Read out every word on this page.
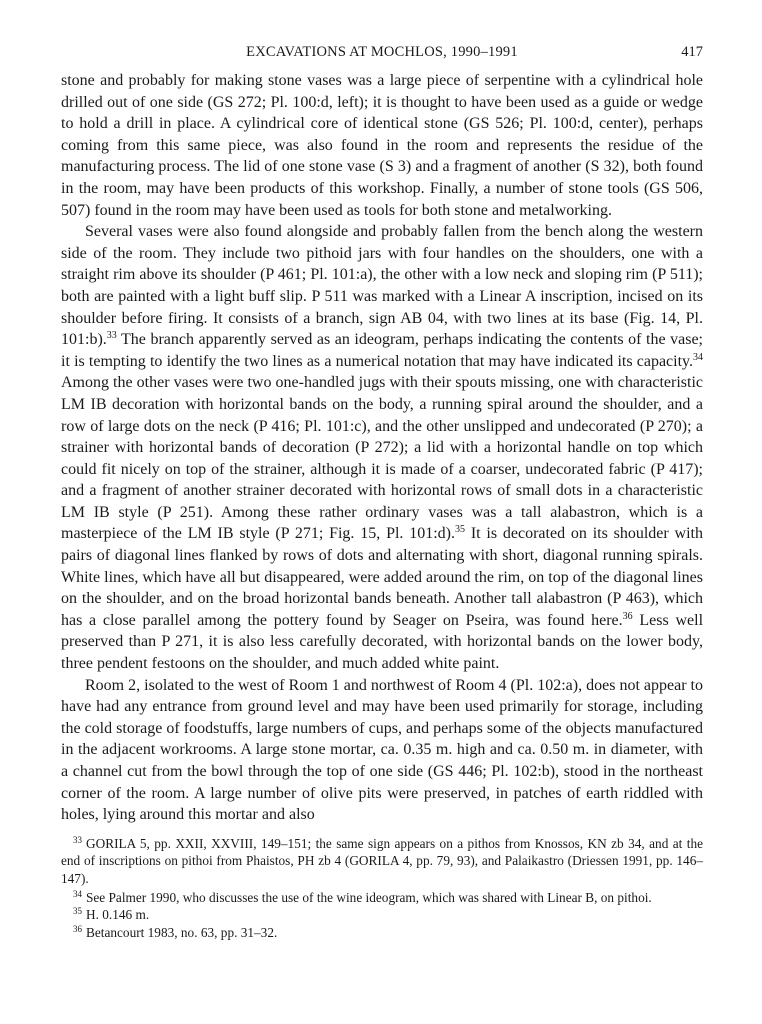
EXCAVATIONS AT MOCHLOS, 1990–1991	417

stone and probably for making stone vases was a large piece of serpentine with a cylindrical hole drilled out of one side (GS 272; Pl. 100:d, left); it is thought to have been used as a guide or wedge to hold a drill in place. A cylindrical core of identical stone (GS 526; Pl. 100:d, center), perhaps coming from this same piece, was also found in the room and represents the residue of the manufacturing process. The lid of one stone vase (S 3) and a fragment of another (S 32), both found in the room, may have been products of this workshop. Finally, a number of stone tools (GS 506, 507) found in the room may have been used as tools for both stone and metalworking.

Several vases were also found alongside and probably fallen from the bench along the western side of the room. They include two pithoid jars with four handles on the shoulders, one with a straight rim above its shoulder (P 461; Pl. 101:a), the other with a low neck and sloping rim (P 511); both are painted with a light buff slip. P 511 was marked with a Linear A inscription, incised on its shoulder before firing. It consists of a branch, sign AB 04, with two lines at its base (Fig. 14, Pl. 101:b).$^{33}$ The branch apparently served as an ideogram, perhaps indicating the contents of the vase; it is tempting to identify the two lines as a numerical notation that may have indicated its capacity.$^{34}$ Among the other vases were two one-handled jugs with their spouts missing, one with characteristic LM IB decoration with horizontal bands on the body, a running spiral around the shoulder, and a row of large dots on the neck (P 416; Pl. 101:c), and the other unslipped and undecorated (P 270); a strainer with horizontal bands of decoration (P 272); a lid with a horizontal handle on top which could fit nicely on top of the strainer, although it is made of a coarser, undecorated fabric (P 417); and a fragment of another strainer decorated with horizontal rows of small dots in a characteristic LM IB style (P 251). Among these rather ordinary vases was a tall alabastron, which is a masterpiece of the LM IB style (P 271; Fig. 15, Pl. 101:d).$^{35}$ It is decorated on its shoulder with pairs of diagonal lines flanked by rows of dots and alternating with short, diagonal running spirals. White lines, which have all but disappeared, were added around the rim, on top of the diagonal lines on the shoulder, and on the broad horizontal bands beneath. Another tall alabastron (P 463), which has a close parallel among the pottery found by Seager on Pseira, was found here.$^{36}$ Less well preserved than P 271, it is also less carefully decorated, with horizontal bands on the lower body, three pendent festoons on the shoulder, and much added white paint.

Room 2, isolated to the west of Room 1 and northwest of Room 4 (Pl. 102:a), does not appear to have had any entrance from ground level and may have been used primarily for storage, including the cold storage of foodstuffs, large numbers of cups, and perhaps some of the objects manufactured in the adjacent workrooms. A large stone mortar, ca. 0.35 m. high and ca. 0.50 m. in diameter, with a channel cut from the bowl through the top of one side (GS 446; Pl. 102:b), stood in the northeast corner of the room. A large number of olive pits were preserved, in patches of earth riddled with holes, lying around this mortar and also

$^{33}$ GORILA 5, pp. XXII, XXVIII, 149–151; the same sign appears on a pithos from Knossos, KN zb 34, and at the end of inscriptions on pithoi from Phaistos, PH zb 4 (GORILA 4, pp. 79, 93), and Palaikastro (Driessen 1991, pp. 146–147).

$^{34}$ See Palmer 1990, who discusses the use of the wine ideogram, which was shared with Linear B, on pithoi.

$^{35}$ H. 0.146 m.

$^{36}$ Betancourt 1983, no. 63, pp. 31–32.
